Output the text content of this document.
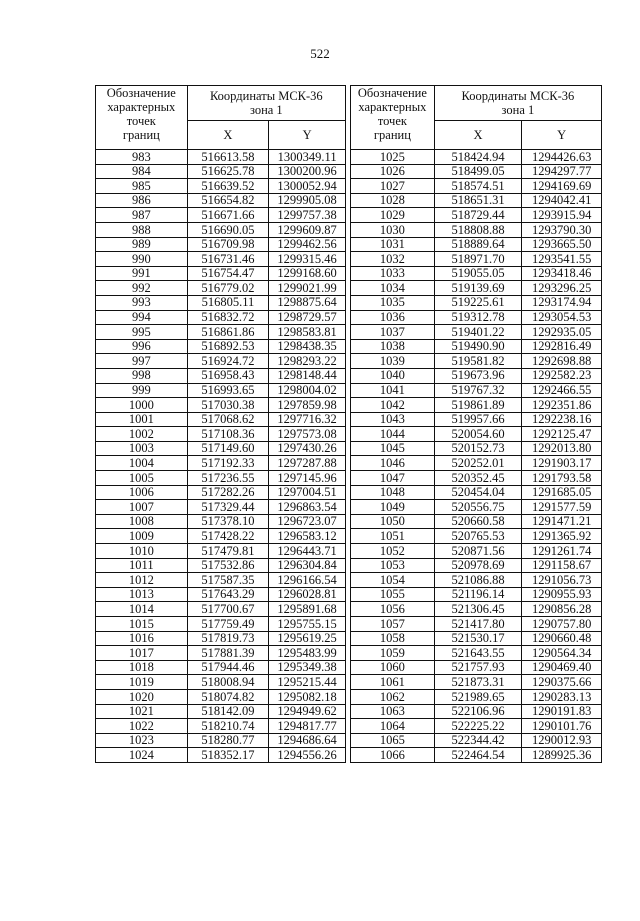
522
Обозначение
характерных
точек
границ	Координаты МСК-36
зона 1	
	X	Y
983	516613.58	1300349.11
984	516625.78	1300200.96
985	516639.52	1300052.94
986	516654.82	1299905.08
987	516671.66	1299757.38
988	516690.05	1299609.87
989	516709.98	1299462.56
990	516731.46	1299315.46
991	516754.47	1299168.60
992	516779.02	1299021.99
993	516805.11	1298875.64
994	516832.72	1298729.57
995	516861.86	1298583.81
996	516892.53	1298438.35
997	516924.72	1298293.22
998	516958.43	1298148.44
999	516993.65	1298004.02
1000	517030.38	1297859.98
1001	517068.62	1297716.32
1002	517108.36	1297573.08
1003	517149.60	1297430.26
1004	517192.33	1297287.88
1005	517236.55	1297145.96
1006	517282.26	1297004.51
1007	517329.44	1296863.54
1008	517378.10	1296723.07
1009	517428.22	1296583.12
1010	517479.81	1296443.71
1011	517532.86	1296304.84
1012	517587.35	1296166.54
1013	517643.29	1296028.81
1014	517700.67	1295891.68
1015	517759.49	1295755.15
1016	517819.73	1295619.25
1017	517881.39	1295483.99
1018	517944.46	1295349.38
1019	518008.94	1295215.44
1020	518074.82	1295082.18
1021	518142.09	1294949.62
1022	518210.74	1294817.77
1023	518280.77	1294686.64
1024	518352.17	1294556.26
Обозначение
характерных
точек
границ	Координаты МСК-36
зона 1	
	X	Y
1025	518424.94	1294426.63
1026	518499.05	1294297.77
1027	518574.51	1294169.69
1028	518651.31	1294042.41
1029	518729.44	1293915.94
1030	518808.88	1293790.30
1031	518889.64	1293665.50
1032	518971.70	1293541.55
1033	519055.05	1293418.46
1034	519139.69	1293296.25
1035	519225.61	1293174.94
1036	519312.78	1293054.53
1037	519401.22	1292935.05
1038	519490.90	1292816.49
1039	519581.82	1292698.88
1040	519673.96	1292582.23
1041	519767.32	1292466.55
1042	519861.89	1292351.86
1043	519957.66	1292238.16
1044	520054.60	1292125.47
1045	520152.73	1292013.80
1046	520252.01	1291903.17
1047	520352.45	1291793.58
1048	520454.04	1291685.05
1049	520556.75	1291577.59
1050	520660.58	1291471.21
1051	520765.53	1291365.92
1052	520871.56	1291261.74
1053	520978.69	1291158.67
1054	521086.88	1291056.73
1055	521196.14	1290955.93
1056	521306.45	1290856.28
1057	521417.80	1290757.80
1058	521530.17	1290660.48
1059	521643.55	1290564.34
1060	521757.93	1290469.40
1061	521873.31	1290375.66
1062	521989.65	1290283.13
1063	522106.96	1290191.83
1064	522225.22	1290101.76
1065	522344.42	1290012.93
1066	522464.54	1289925.36
